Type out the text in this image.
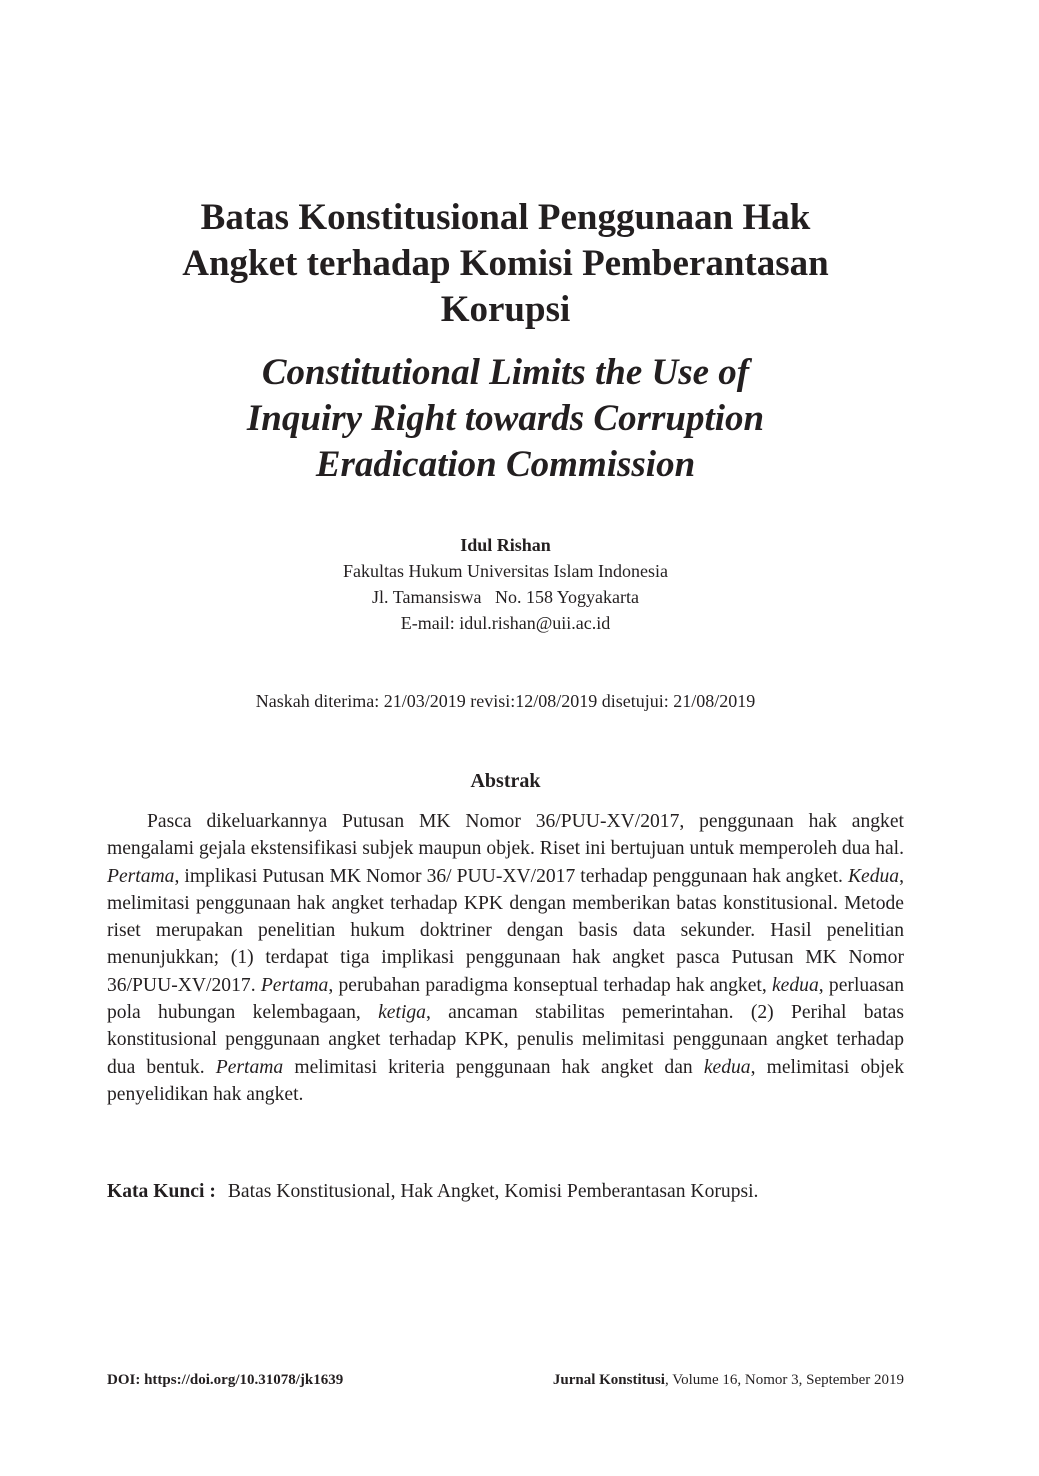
Batas Konstitusional Penggunaan Hak
Angket terhadap Komisi Pemberantasan
Korupsi
Constitutional Limits the Use of
Inquiry Right towards Corruption
Eradication Commission
Idul Rishan
Fakultas Hukum Universitas Islam Indonesia
Jl. Tamansiswa   No. 158 Yogyakarta
E-mail: idul.rishan@uii.ac.id
Naskah diterima: 21/03/2019 revisi:12/08/2019 disetujui: 21/08/2019
Abstrak

Pasca dikeluarkannya Putusan MK Nomor 36/PUU-XV/2017, penggunaan hak angket mengalami gejala ekstensifikasi subjek maupun objek. Riset ini bertujuan untuk memperoleh dua hal. Pertama, implikasi Putusan MK Nomor 36/ PUU-XV/2017 terhadap penggunaan hak angket. Kedua, melimitasi penggunaan hak angket terhadap KPK dengan memberikan batas konstitusional. Metode riset merupakan penelitian hukum doktriner dengan basis data sekunder. Hasil penelitian menunjukkan; (1) terdapat tiga implikasi penggunaan hak angket pasca Putusan MK Nomor 36/PUU-XV/2017. Pertama, perubahan paradigma konseptual terhadap hak angket, kedua, perluasan pola hubungan kelembagaan, ketiga, ancaman stabilitas pemerintahan. (2) Perihal batas konstitusional penggunaan angket terhadap KPK, penulis melimitasi penggunaan angket terhadap dua bentuk. Pertama melimitasi kriteria penggunaan hak angket dan kedua, melimitasi objek penyelidikan hak angket.

Kata Kunci : Batas Konstitusional, Hak Angket, Komisi Pemberantasan Korupsi.
DOI: https://doi.org/10.31078/jk1639	Jurnal Konstitusi, Volume 16, Nomor 3, September 2019
